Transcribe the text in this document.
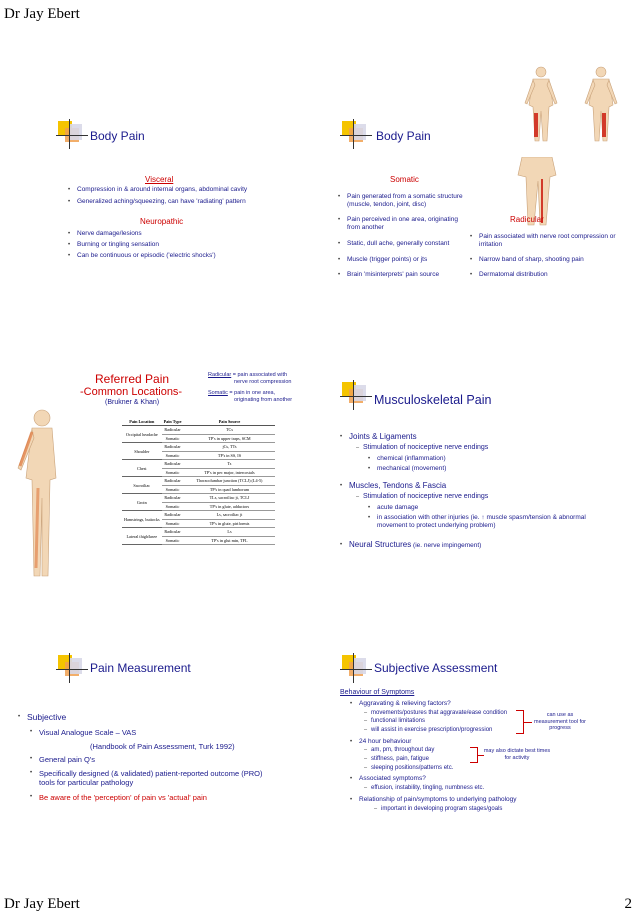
Dr Jay Ebert
Body Pain
Visceral
• Compression in & around internal organs, abdominal cavity
• Generalized aching/squeezing, can have 'radiating' pattern
Neuropathic
• Nerve damage/lesions
• Burning or tingling sensation
• Can be continuous or episodic ('electric shocks')
Body Pain
Somatic
• Pain generated from a somatic structure (muscle, tendon, joint, disc)
• Pain perceived in one area, originating from another
• Static, dull ache, generally constant
• Muscle (trigger points) or jts
• Brain 'misinterprets' pain source
Radicular
• Pain associated with nerve root compression or irritation
• Narrow band of sharp, shooting pain
• Dermatomal distribution
Referred Pain
-Common Locations-
(Brukner & Khan)
Radicular = pain associated with
nerve root compression
Somatic = pain in one area,
originating from another
Pain Location	Pain Type	Pain Source
Occipital headache	Radicular	TCs
	Somatic	TP's in upper traps, SCM
Shoulder	Radicular	jCs, TTs
	Somatic	TP's in SS, IS
Chest	Radicular	Ts
	Somatic	TP's in pec major, intercostals
Sacroiliac	Radicular	Thoracolumbar junction (TCLJ) (L4-5)
	Somatic	TP's in quad lumborum
Groin	Radicular	TLs, sacroiliac jt, TCLJ
	Somatic	TP's in glute, adductors
Hamstrings, buttocks	Radicular	Ls, sacroiliac jt
	Somatic	TP's in glute, piriformis
Lateral thigh/knee	Radicular	Ls
	Somatic	TP's in glut min, TFL
Musculoskeletal Pain
• Joints & Ligaments
– Stimulation of nociceptive nerve endings
• chemical (inflammation)
• mechanical (movement)
• Muscles, Tendons & Fascia
– Stimulation of nociceptive nerve endings
• acute damage
• in association with other injuries (ie. ↑ muscle spasm/tension & abnormal movement to protect underlying problem)
• Neural Structures (ie. nerve impingement)
Pain Measurement
• Subjective
• Visual Analogue Scale – VAS
(Handbook of Pain Assessment, Turk 1992)
• General pain Q's
• Specifically designed (& validated) patient-reported outcome (PRO) tools for particular pathology
• Be aware of the 'perception' of pain vs 'actual' pain
Subjective Assessment
Behaviour of Symptoms
• Aggravating & relieving factors?
– movements/postures that aggravate/ease condition
– functional limitations
– will assist in exercise prescription/progression
can use as measurement tool for progress
• 24 hour behaviour
– am, pm, throughout day
– stiffness, pain, fatigue
– sleeping positions/patterns etc.
may also dictate best times for activity
• Associated symptoms?
– effusion, instability, tingling, numbness etc.
• Relationship of pain/symptoms to underlying pathology
– important in developing program stages/goals
Dr Jay Ebert	2
